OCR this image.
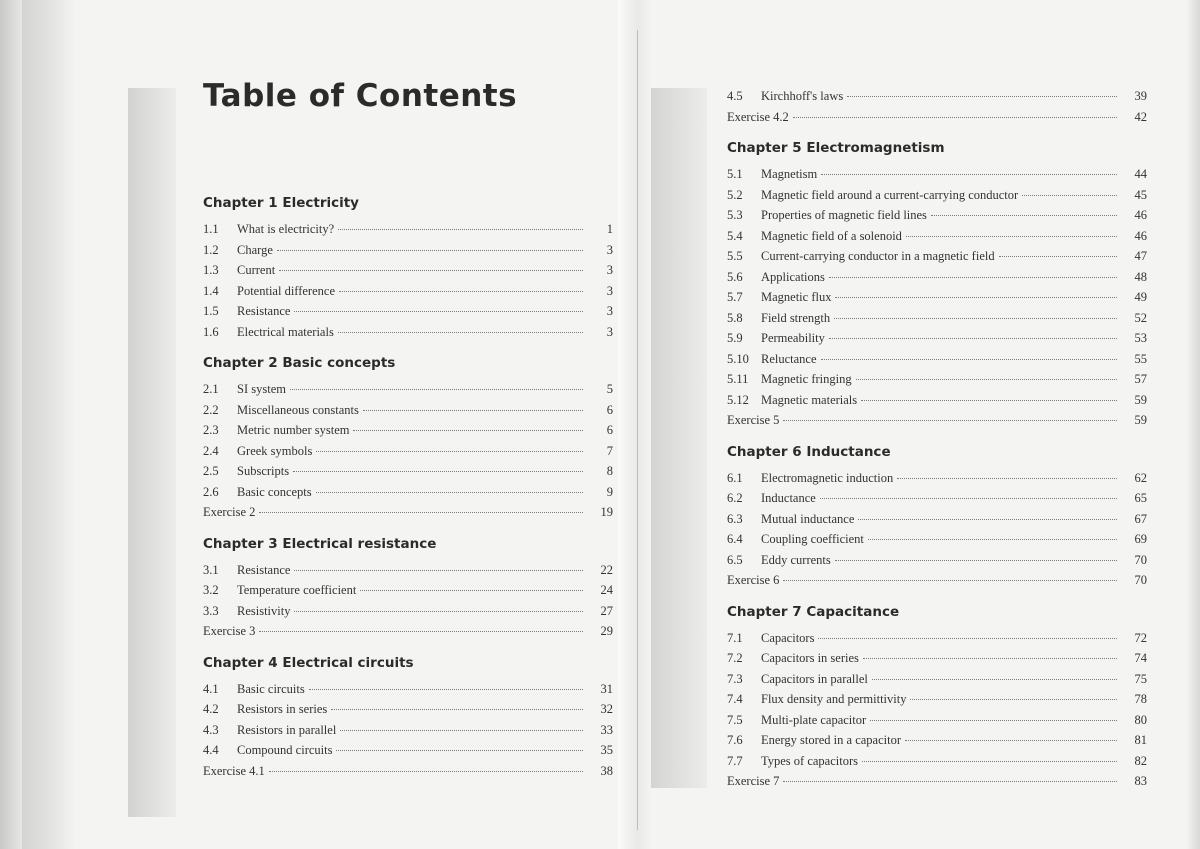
Table of Contents
Chapter 1 Electricity
1.1	What is electricity?	1
1.2	Charge	3
1.3	Current	3
1.4	Potential difference	3
1.5	Resistance	3
1.6	Electrical materials	3
Chapter 2 Basic concepts
2.1	SI system	5
2.2	Miscellaneous constants	6
2.3	Metric number system	6
2.4	Greek symbols	7
2.5	Subscripts	8
2.6	Basic concepts	9
Exercise 2	19
Chapter 3 Electrical resistance
3.1	Resistance	22
3.2	Temperature coefficient	24
3.3	Resistivity	27
Exercise 3	29
Chapter 4 Electrical circuits
4.1	Basic circuits	31
4.2	Resistors in series	32
4.3	Resistors in parallel	33
4.4	Compound circuits	35
Exercise 4.1	38
4.5	Kirchhoff's laws	39
Exercise 4.2	42
Chapter 5 Electromagnetism
5.1	Magnetism	44
5.2	Magnetic field around a current-carrying conductor	45
5.3	Properties of magnetic field lines	46
5.4	Magnetic field of a solenoid	46
5.5	Current-carrying conductor in a magnetic field	47
5.6	Applications	48
5.7	Magnetic flux	49
5.8	Field strength	52
5.9	Permeability	53
5.10 Reluctance	55
5.11	Magnetic fringing	57
5.12 Magnetic materials	59
Exercise 5	59
Chapter 6 Inductance
6.1	Electromagnetic induction	62
6.2	Inductance	65
6.3	Mutual inductance	67
6.4	Coupling coefficient	69
6.5	Eddy currents	70
Exercise 6	70
Chapter 7 Capacitance
7.1	Capacitors	72
7.2	Capacitors in series	74
7.3	Capacitors in parallel	75
7.4	Flux density and permittivity	78
7.5	Multi-plate capacitor	80
7.6	Energy stored in a capacitor	81
7.7	Types of capacitors	82
Exercise 7	83
